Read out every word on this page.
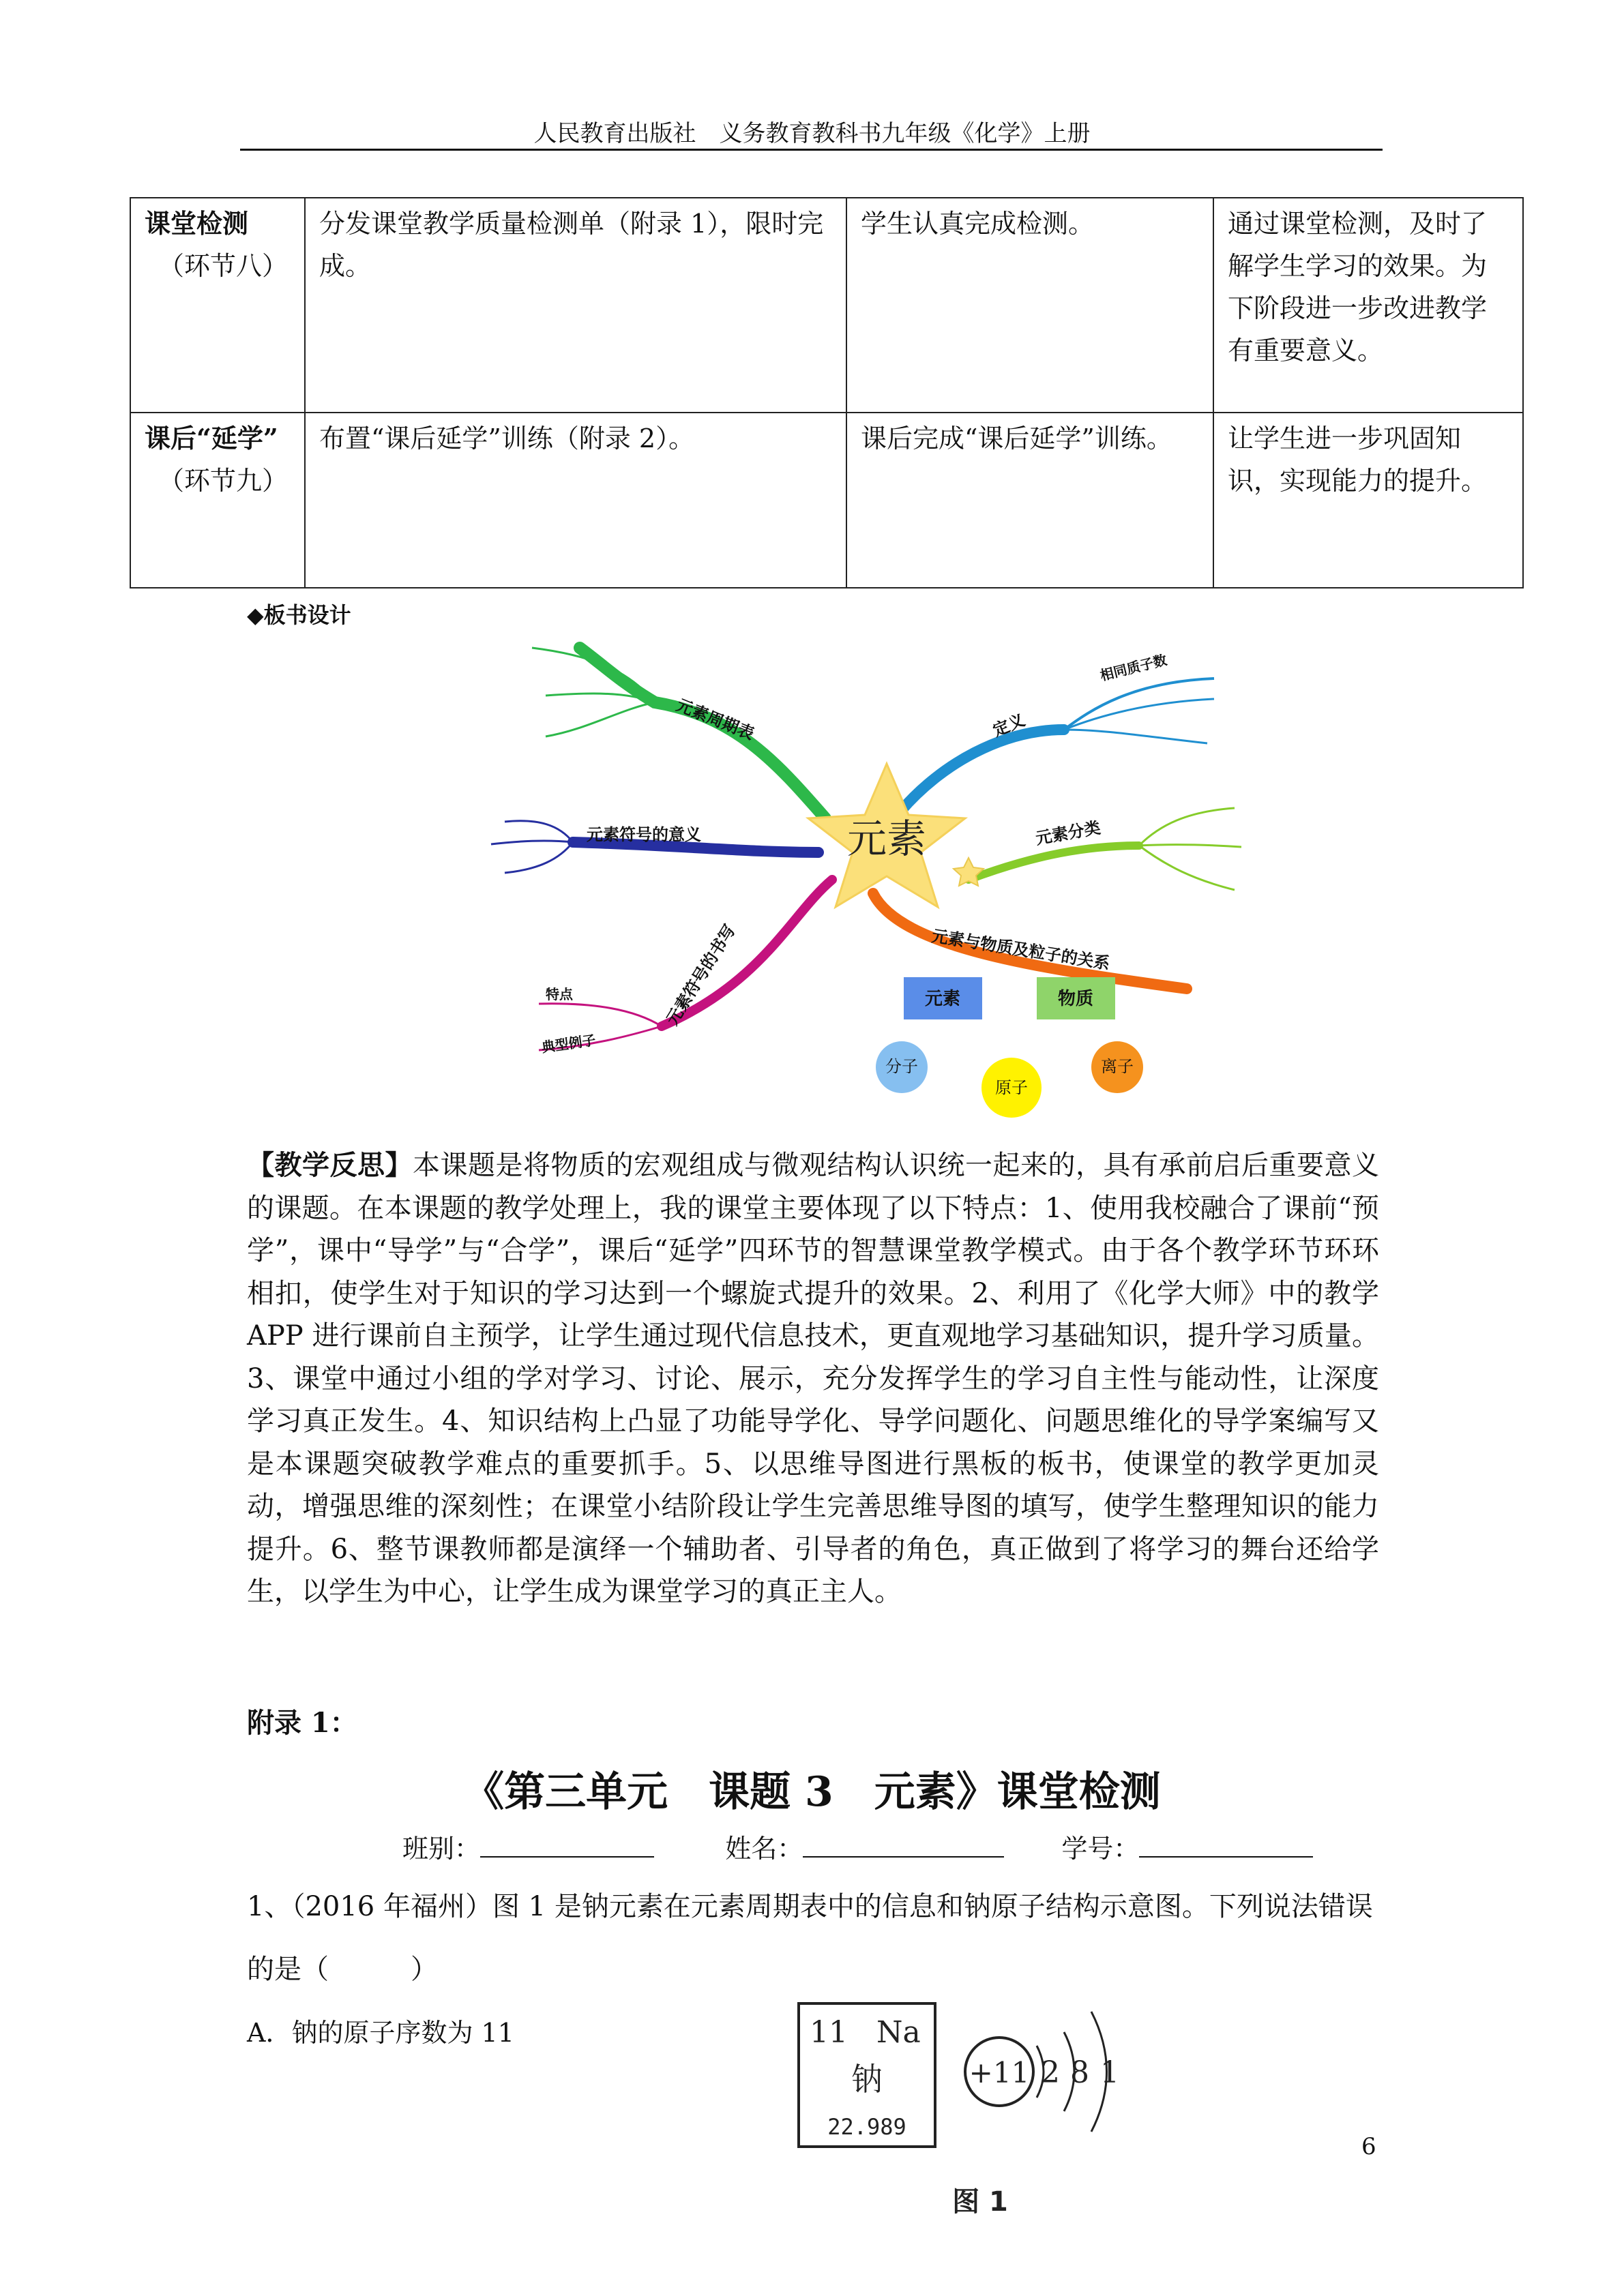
人民教育出版社　义务教育教科书九年级《化学》上册
课堂检测
（环节八）	分发课堂教学质量检测单（附录 1），限时完成。	学生认真完成检测。	通过课堂检测，及时了解学生学习的效果。为下阶段进一步改进教学有重要意义。

课后“延学”
（环节九）	布置“课后延学”训练（附录 2）。	课后完成“课后延学”训练。	让学生进一步巩固知识，实现能力的提升。
◆板书设计
元素
元素周期表	定义
相同质子数
元素符号的意义	元素分类
元素符号的书写
特点
典型例子
元素与物质及粒子的关系
元素	物质
分子
原子
离子
【教学反思】本课题是将物质的宏观组成与微观结构认识统一起来的，具有承前启后重要意义的课题。在本课题的教学处理上，我的课堂主要体现了以下特点：1、使用我校融合了课前“预学”，课中“导学”与“合学”，课后“延学”四环节的智慧课堂教学模式。由于各个教学环节环环相扣，使学生对于知识的学习达到一个螺旋式提升的效果。2、利用了《化学大师》中的教学 APP 进行课前自主预学，让学生通过现代信息技术，更直观地学习基础知识，提升学习质量。3、课堂中通过小组的学对学习、讨论、展示，充分发挥学生的学习自主性与能动性，让深度学习真正发生。4、知识结构上凸显了功能导学化、导学问题化、问题思维化的导学案编写又是本课题突破教学难点的重要抓手。5、以思维导图进行黑板的板书，使课堂的教学更加灵动，增强思维的深刻性；在课堂小结阶段让学生完善思维导图的填写，使学生整理知识的能力提升。6、整节课教师都是演绎一个辅助者、引导者的角色，真正做到了将学习的舞台还给学生，以学生为中心，让学生成为课堂学习的真正主人。
附录 1：
《第三单元　课题 3　元素》课堂检测
班别：	姓名：	学号：
1、（2016 年福州）图 1 是钠元素在元素周期表中的信息和钠原子结构示意图。下列说法错误的是（　　　）
A．钠的原子序数为 11	11 Na
钠
22.989
+11 2 8 1
图 1
6
